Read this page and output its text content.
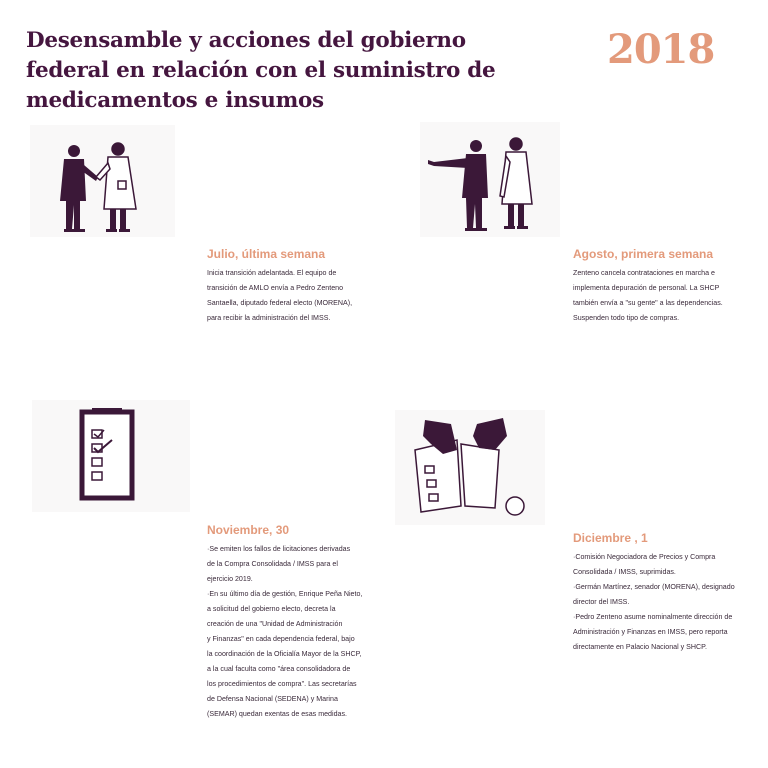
Desensamble y acciones del gobierno federal en relación con el suministro de medicamentos e insumos
2018
Julio, última semana

Inicia transición adelantada. El equipo de
transición de AMLO envía a Pedro Zenteno
Santaella, diputado federal electo (MORENA),
para recibir la administración del IMSS.

Agosto, primera semana

Zenteno cancela contrataciones en marcha e
implementa depuración de personal. La SHCP
también envía a "su gente" a las dependencias.
Suspenden todo tipo de compras.

Noviembre, 30

·Se emiten los fallos de licitaciones derivadas
de la Compra Consolidada / IMSS para el
ejercicio 2019.
·En su último día de gestión, Enrique Peña Nieto,
a solicitud del gobierno electo, decreta la
creación de una "Unidad de Administración
y Finanzas" en cada dependencia federal, bajo
la coordinación de la Oficialía Mayor de la SHCP,
a la cual faculta como "área consolidadora de
los procedimientos de compra". Las secretarías
de Defensa Nacional (SEDENA) y Marina
(SEMAR) quedan exentas de esas medidas.

Diciembre , 1

·Comisión Negociadora de Precios y Compra
Consolidada / IMSS, suprimidas.
·Germán Martínez, senador (MORENA), designado
director del IMSS.
·Pedro Zenteno asume nominalmente dirección de
Administración y Finanzas en IMSS, pero reporta
directamente en Palacio Nacional y SHCP.
